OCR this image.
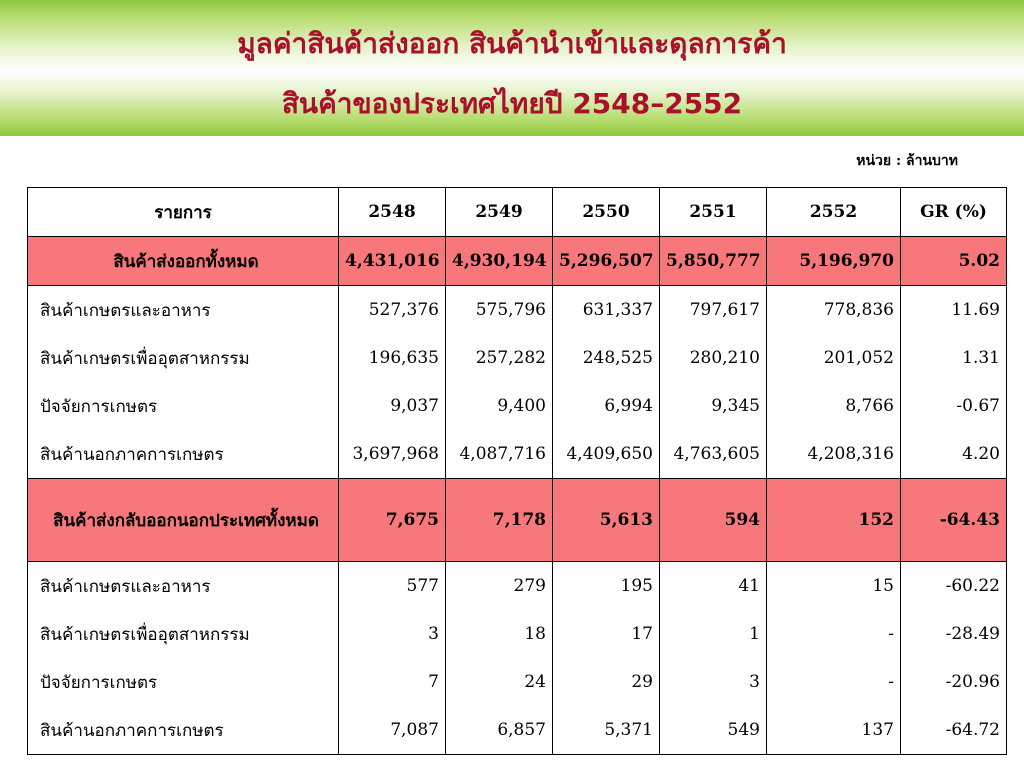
มูลค่าสินค้าส่งออก สินค้านำเข้าและดุลการค้า
สินค้าของประเทศไทยปี 2548–2552
หน่วย : ล้านบาท
รายการ	2548	2549	2550	2551	2552	GR (%)
สินค้าส่งออกทั้งหมด	4,431,016	4,930,194	5,296,507	5,850,777	5,196,970	5.02
สินค้าเกษตรและอาหาร	527,376	575,796	631,337	797,617	778,836	11.69
สินค้าเกษตรเพื่ออุตสาหกรรม	196,635	257,282	248,525	280,210	201,052	1.31
ปัจจัยการเกษตร	9,037	9,400	6,994	9,345	8,766	-0.67
สินค้านอกภาคการเกษตร	3,697,968	4,087,716	4,409,650	4,763,605	4,208,316	4.20
สินค้าส่งกลับออกนอกประเทศทั้งหมด	7,675	7,178	5,613	594	152	-64.43
สินค้าเกษตรและอาหาร	577	279	195	41	15	-60.22
สินค้าเกษตรเพื่ออุตสาหกรรม	3	18	17	1	-	-28.49
ปัจจัยการเกษตร	7	24	29	3	-	-20.96
สินค้านอกภาคการเกษตร	7,087	6,857	5,371	549	137	-64.72
